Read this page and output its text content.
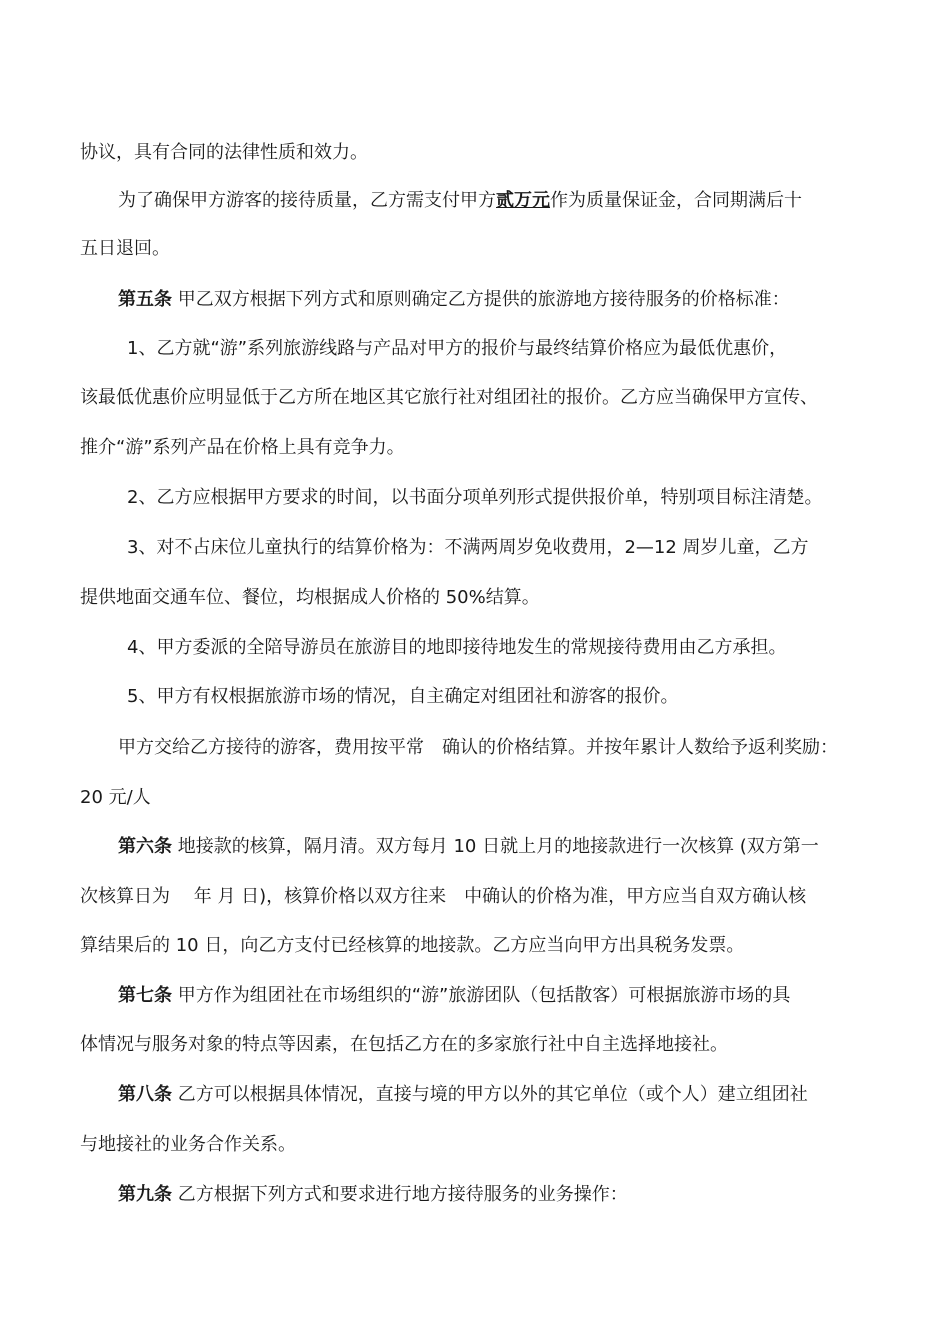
协议，具有合同的法律性质和效力。
为了确保甲方游客的接待质量，乙方需支付甲方贰万元作为质量保证金，合同期满后十
五日退回。
第五条 甲乙双方根据下列方式和原则确定乙方提供的旅游地方接待服务的价格标准：
1、乙方就“游”系列旅游线路与产品对甲方的报价与最终结算价格应为最低优惠价，
该最低优惠价应明显低于乙方所在地区其它旅行社对组团社的报价。乙方应当确保甲方宣传、
推介“游”系列产品在价格上具有竞争力。
2、乙方应根据甲方要求的时间，以书面分项单列形式提供报价单，特别项目标注清楚。
3、对不占床位儿童执行的结算价格为：不满两周岁免收费用，2—12 周岁儿童，乙方
提供地面交通车位、餐位，均根据成人价格的 50%结算。
4、甲方委派的全陪导游员在旅游目的地即接待地发生的常规接待费用由乙方承担。
5、甲方有权根据旅游市场的情况，自主确定对组团社和游客的报价。
甲方交给乙方接待的游客，费用按平常　确认的价格结算。并按年累计人数给予返利奖励：
20 元/人
第六条 地接款的核算，隔月清。双方每月 10 日就上月的地接款进行一次核算 (双方第一
次核算日为　 年 月 日)，核算价格以双方往来　中确认的价格为准，甲方应当自双方确认核
算结果后的 10 日，向乙方支付已经核算的地接款。乙方应当向甲方出具税务发票。
第七条 甲方作为组团社在市场组织的“游”旅游团队（包括散客）可根据旅游市场的具
体情况与服务对象的特点等因素，在包括乙方在的多家旅行社中自主选择地接社。
第八条 乙方可以根据具体情况，直接与境的甲方以外的其它单位（或个人）建立组团社
与地接社的业务合作关系。
第九条 乙方根据下列方式和要求进行地方接待服务的业务操作：
